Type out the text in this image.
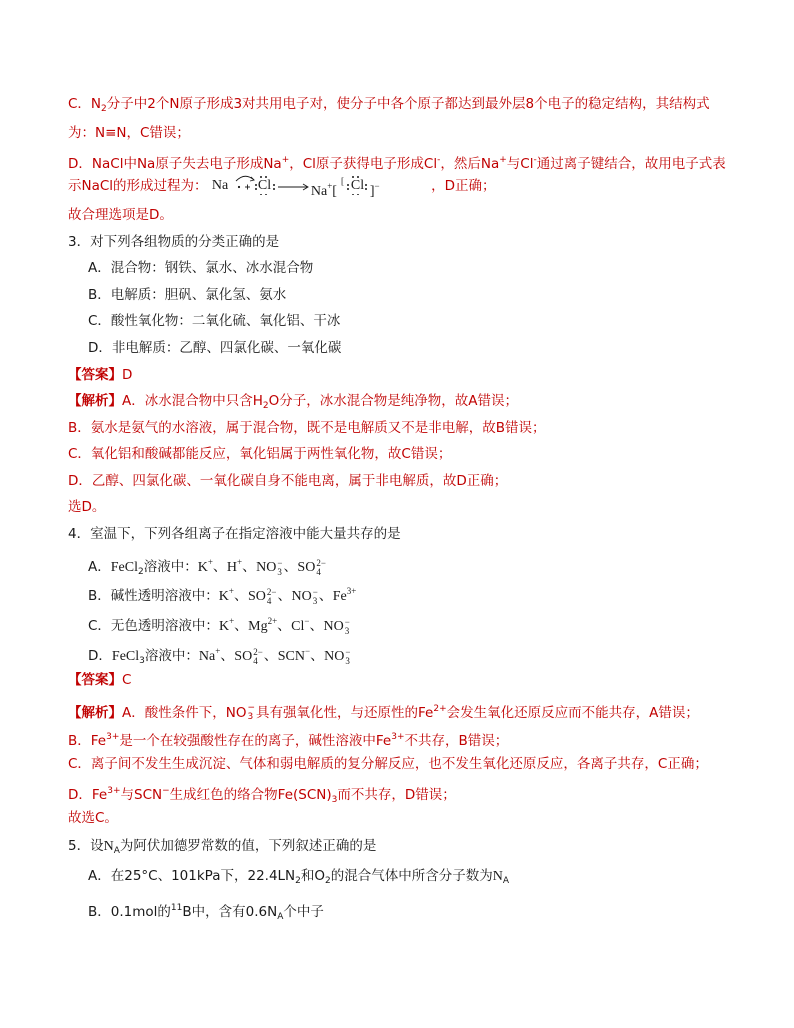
C．$N_2$分子中2个N原子形成3对共用电子对，使分子中各个原子都达到最外层8个电子的稳定结构，其结构式
为：N≡N，C错误；
D．NaCl中Na原子失去电子形成Na+，Cl原子获得电子形成Cl-，然后Na+与Cl-通过离子键结合，故用电子式表
示NaCl的形成过程为：	[
Na Cl	Na+[ Cl ]−	，D正确；
故合理选项是D。
3．对下列各组物质的分类正确的是
A．混合物：钢铁、氯水、冰水混合物
B．电解质：胆矾、氯化氢、氨水
C．酸性氧化物：二氧化硫、氧化铝、干冰
D．非电解质：乙醇、四氯化碳、一氧化碳
【答案】D
【解析】A．冰水混合物中只含$H_2O$分子，冰水混合物是纯净物，故A错误；
B．氨水是氨气的水溶液，属于混合物，既不是电解质又不是非电解，故B错误；
C．氧化铝和酸碱都能反应，氧化铝属于两性氧化物，故C错误；
D．乙醇、四氯化碳、一氧化碳自身不能电离，属于非电解质，故D正确；
选D。
4．室温下，下列各组离子在指定溶液中能大量共存的是
A．FeCl$_2$溶液中：K+、H+、NO −
3 、SO 2−
4
B．碱性透明溶液中：K+、SO 2−
4 、NO −
3 、$Fe^{3+}$
C．无色透明溶液中：K+、$Mg^{2+}$、Cl−、NO −
3
D．FeCl$_3$溶液中：Na+、SO 2−
4 、SCN−、NO −
3
【答案】C
【解析】A．酸性条件下，NO −
3 具有强氧化性，与还原性的$Fe^{2+}$会发生氧化还原反应而不能共存，A错误；
B．$Fe^{3+}$是一个在较强酸性存在的离子，碱性溶液中$Fe^{3+}$不共存，B错误；
C．离子间不发生生成沉淀、气体和弱电解质的复分解反应，也不发生氧化还原反应，各离子共存，C正确；
D．$Fe^{3+}$与SCN−生成红色的络合物$Fe(SCN)_3$而不共存，D错误；
故选C。
5．设$N_A$为阿伏加德罗常数的值，下列叙述正确的是
A．在25°C、101kPa下，$22.4LN_2$和$O_2$的混合气体中所含分子数为$N_A$
B．0.1mol的$^{11}$B中，含有$0.6N_A$个中子
